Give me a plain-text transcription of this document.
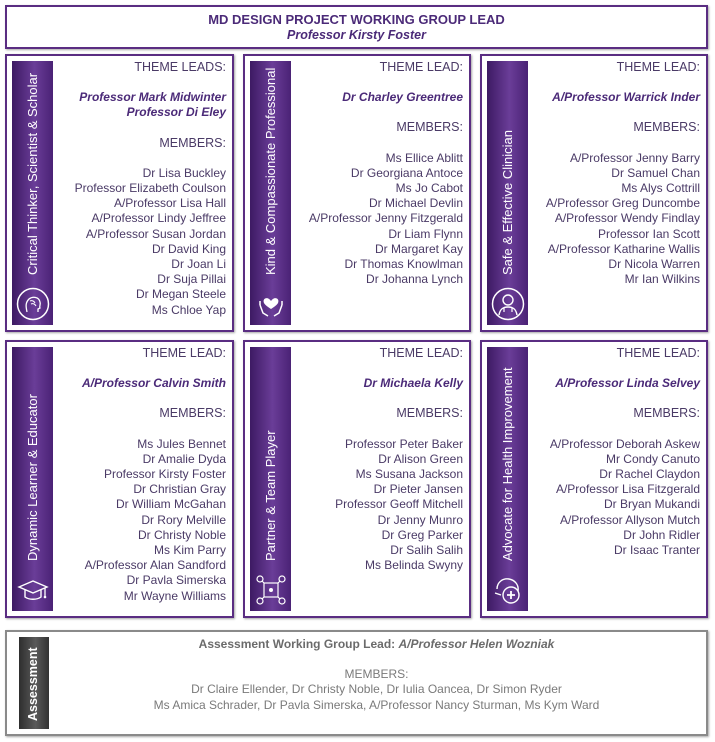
MD DESIGN PROJECT WORKING GROUP LEAD
Professor Kirsty Foster
Critical Thinker, Scientist & Scholar
THEME LEADS:
Professor Mark Midwinter
Professor Di Eley
MEMBERS:
Dr Lisa Buckley
Professor Elizabeth Coulson
A/Professor Lisa Hall
A/Professor Lindy Jeffree
A/Professor Susan Jordan
Dr David King
Dr Joan Li
Dr Suja Pillai
Dr Megan Steele
Ms Chloe Yap
Kind & Compassionate Professional
THEME LEAD:
Dr Charley Greentree
MEMBERS:
Ms Ellice Ablitt
Dr Georgiana Antoce
Ms Jo Cabot
Dr Michael Devlin
A/Professor Jenny Fitzgerald
Dr Liam Flynn
Dr Margaret Kay
Dr Thomas Knowlman
Dr Johanna Lynch
Safe & Effective Clinician
THEME LEAD:
A/Professor Warrick Inder
MEMBERS:
A/Professor Jenny Barry
Dr Samuel Chan
Ms Alys Cottrill
A/Professor Greg Duncombe
A/Professor Wendy Findlay
Professor Ian Scott
A/Professor Katharine Wallis
Dr Nicola Warren
Mr Ian Wilkins
Dynamic Learner & Educator
THEME LEAD:
A/Professor Calvin Smith
MEMBERS:
Ms Jules Bennet
Dr Amalie Dyda
Professor Kirsty Foster
Dr Christian Gray
Dr William McGahan
Dr Rory Melville
Dr Christy Noble
Ms Kim Parry
A/Professor Alan Sandford
Dr Pavla Simerska
Mr Wayne Williams
Partner & Team Player
THEME LEAD:
Dr Michaela Kelly
MEMBERS:
Professor Peter Baker
Dr Alison Green
Ms Susana Jackson
Dr Pieter Jansen
Professor Geoff Mitchell
Dr Jenny Munro
Dr Greg Parker
Dr Salih Salih
Ms Belinda Swyny
Advocate for Health Improvement
THEME LEAD:
A/Professor Linda Selvey
MEMBERS:
A/Professor Deborah Askew
Mr Condy Canuto
Dr Rachel Claydon
A/Professor Lisa Fitzgerald
Dr Bryan Mukandi
A/Professor Allyson Mutch
Dr John Ridler
Dr Isaac Tranter
Assessment
Assessment Working Group Lead: A/Professor Helen Wozniak
MEMBERS:
Dr Claire Ellender, Dr Christy Noble, Dr Iulia Oancea, Dr Simon Ryder
Ms Amica Schrader, Dr Pavla Simerska, A/Professor Nancy Sturman, Ms Kym Ward
